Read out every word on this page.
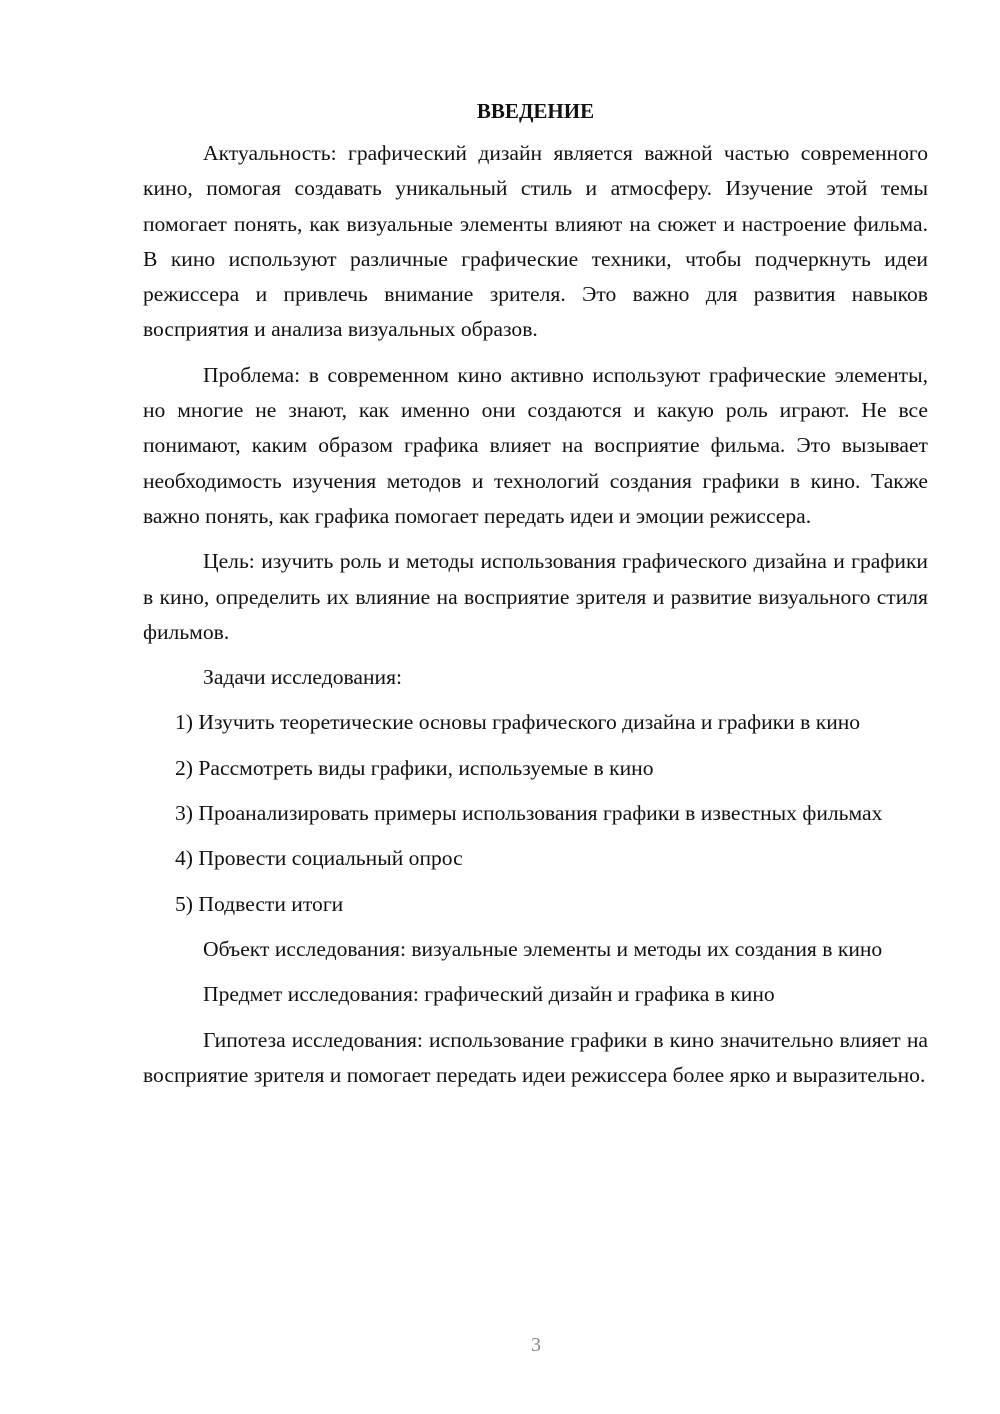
ВВЕДЕНИЕ

Актуальность: графический дизайн является важной частью современного кино, помогая создавать уникальный стиль и атмосферу. Изучение этой темы помогает понять, как визуальные элементы влияют на сюжет и настроение фильма. В кино используют различные графические техники, чтобы подчеркнуть идеи режиссера и привлечь внимание зрителя. Это важно для развития навыков восприятия и анализа визуальных образов.

Проблема: в современном кино активно используют графические элементы, но многие не знают, как именно они создаются и какую роль играют. Не все понимают, каким образом графика влияет на восприятие фильма. Это вызывает необходимость изучения методов и технологий создания графики в кино. Также важно понять, как графика помогает передать идеи и эмоции режиссера.

Цель: изучить роль и методы использования графического дизайна и графики в кино, определить их влияние на восприятие зрителя и развитие визуального стиля фильмов.

Задачи исследования:

1) Изучить теоретические основы графического дизайна и графики в кино

2) Рассмотреть виды графики, используемые в кино

3) Проанализировать примеры использования графики в известных фильмах

4) Провести социальный опрос

5) Подвести итоги

Объект исследования: визуальные элементы и методы их создания в кино

Предмет исследования: графический дизайн и графика в кино

Гипотеза исследования: использование графики в кино значительно влияет на восприятие зрителя и помогает передать идеи режиссера более ярко и выразительно.

3
